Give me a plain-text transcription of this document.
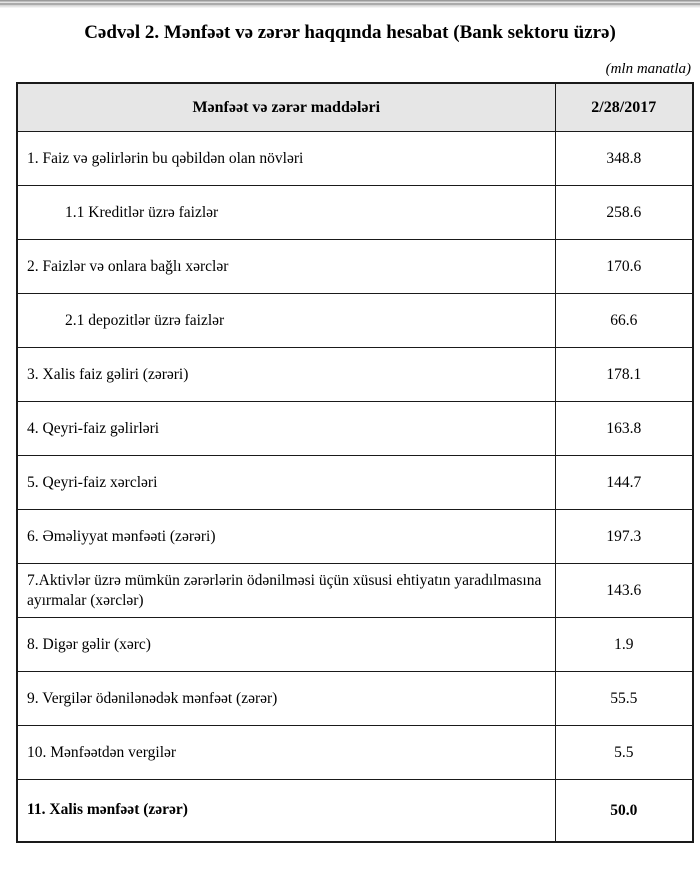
Cədvəl 2. Mənfəət və zərər haqqında hesabat (Bank sektoru üzrə)
(mln manatla)
Mənfəət və zərər maddələri	2/28/2017
1. Faiz və gəlirlərin bu qəbildən olan növləri	348.8
1.1 Kreditlər üzrə faizlər	258.6
2. Faizlər və onlara bağlı xərclər	170.6
2.1 depozitlər üzrə faizlər	66.6
3. Xalis faiz gəliri (zərəri)	178.1
4. Qeyri-faiz gəlirləri	163.8
5. Qeyri-faiz xərcləri	144.7
6. Əməliyyat mənfəəti (zərəri)	197.3
7.Aktivlər üzrə mümkün zərərlərin ödənilməsi üçün xüsusi ehtiyatın yaradılmasına ayırmalar (xərclər)	143.6
8. Digər gəlir (xərc)	1.9
9. Vergilər ödənilənədək mənfəət (zərər)	55.5
10. Mənfəətdən vergilər	5.5
11. Xalis mənfəət (zərər)	50.0
